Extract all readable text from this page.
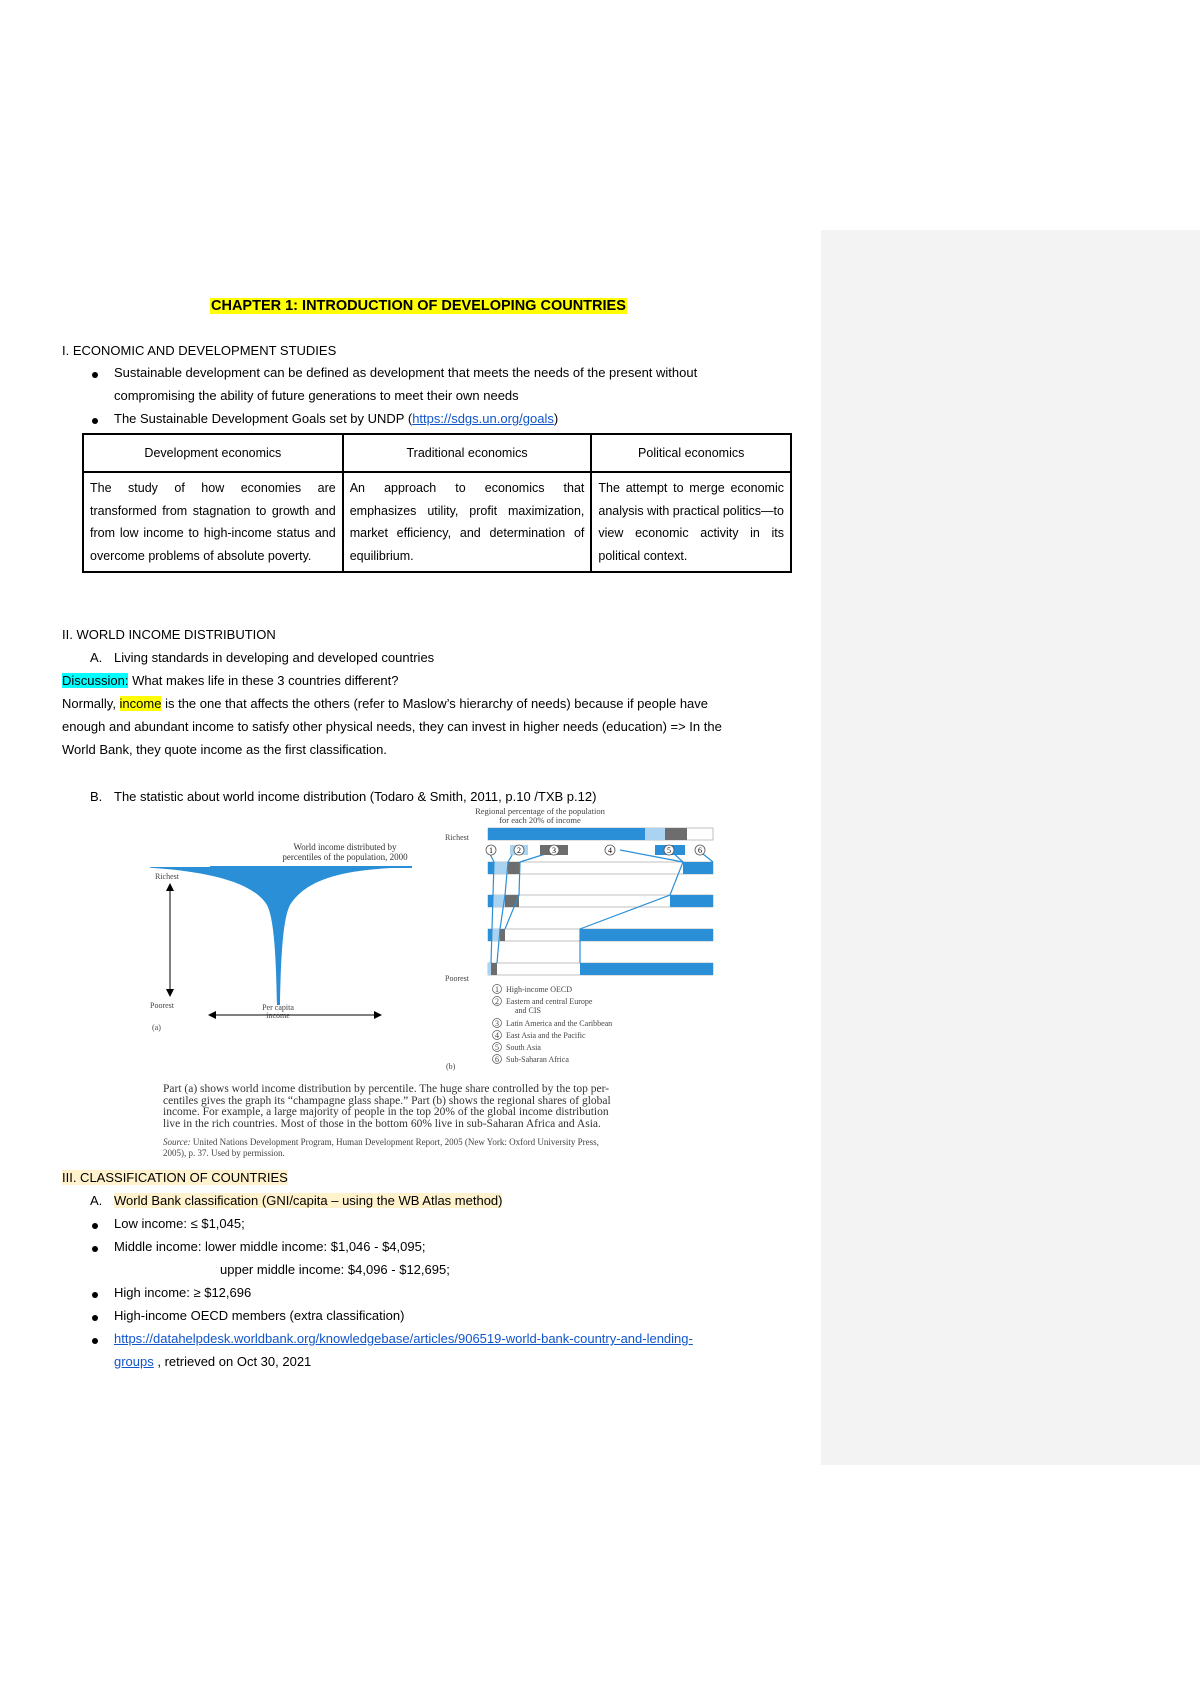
CHAPTER 1: INTRODUCTION OF DEVELOPING COUNTRIES
I. ECONOMIC AND DEVELOPMENT STUDIES
Sustainable development can be defined as development that meets the needs of the present without
compromising the ability of future generations to meet their own needs
The Sustainable Development Goals set by UNDP (https://sdgs.un.org/goals)
Development economics	Traditional economics	Political economics
The study of how economies are transformed from stagnation to growth and from low income to high-income status and overcome problems of absolute poverty.	An approach to economics that emphasizes utility, profit maximization, market efficiency, and determination of equilibrium.	The attempt to merge economic analysis with practical politics—to view economic activity in its political context.
II. WORLD INCOME DISTRIBUTION
A. Living standards in developing and developed countries
Discussion: What makes life in these 3 countries different?
Normally, income is the one that affects the others (refer to Maslow’s hierarchy of needs) because if people have
enough and abundant income to satisfy other physical needs, they can invest in higher needs (education) => In the
World Bank, they quote income as the first classification.
B. The statistic about world income distribution (Todaro & Smith, 2011, p.10 /TXB p.12)
World income distributed by
percentiles of the population, 2000
Richest
Poorest	Per capita
income
(a)
Regional percentage of the population
for each 20% of income
Richest
Poorest
1	2	3	4	5	6
1 High-income OECD
2 Eastern and central Europe
and CIS
3 Latin America and the Caribbean
4 East Asia and the Pacific
5 South Asia
6 Sub-Saharan Africa
(b)
Part (a) shows world income distribution by percentile. The huge share controlled by the top per-
centiles gives the graph its “champagne glass shape.” Part (b) shows the regional shares of global
income. For example, a large majority of people in the top 20% of the global income distribution
live in the rich countries. Most of those in the bottom 60% live in sub-Saharan Africa and Asia.
Source: United Nations Development Program, Human Development Report, 2005 (New York: Oxford University Press,
2005), p. 37. Used by permission.
III. CLASSIFICATION OF COUNTRIES
A. World Bank classification (GNI/capita – using the WB Atlas method)
Low income: ≤ $1,045;
Middle income: lower middle income: $1,046 - $4,095;
upper middle income: $4,096 - $12,695;
High income: ≥ $12,696
High-income OECD members (extra classification)
https://datahelpdesk.worldbank.org/knowledgebase/articles/906519-world-bank-country-and-lending-
groups , retrieved on Oct 30, 2021
